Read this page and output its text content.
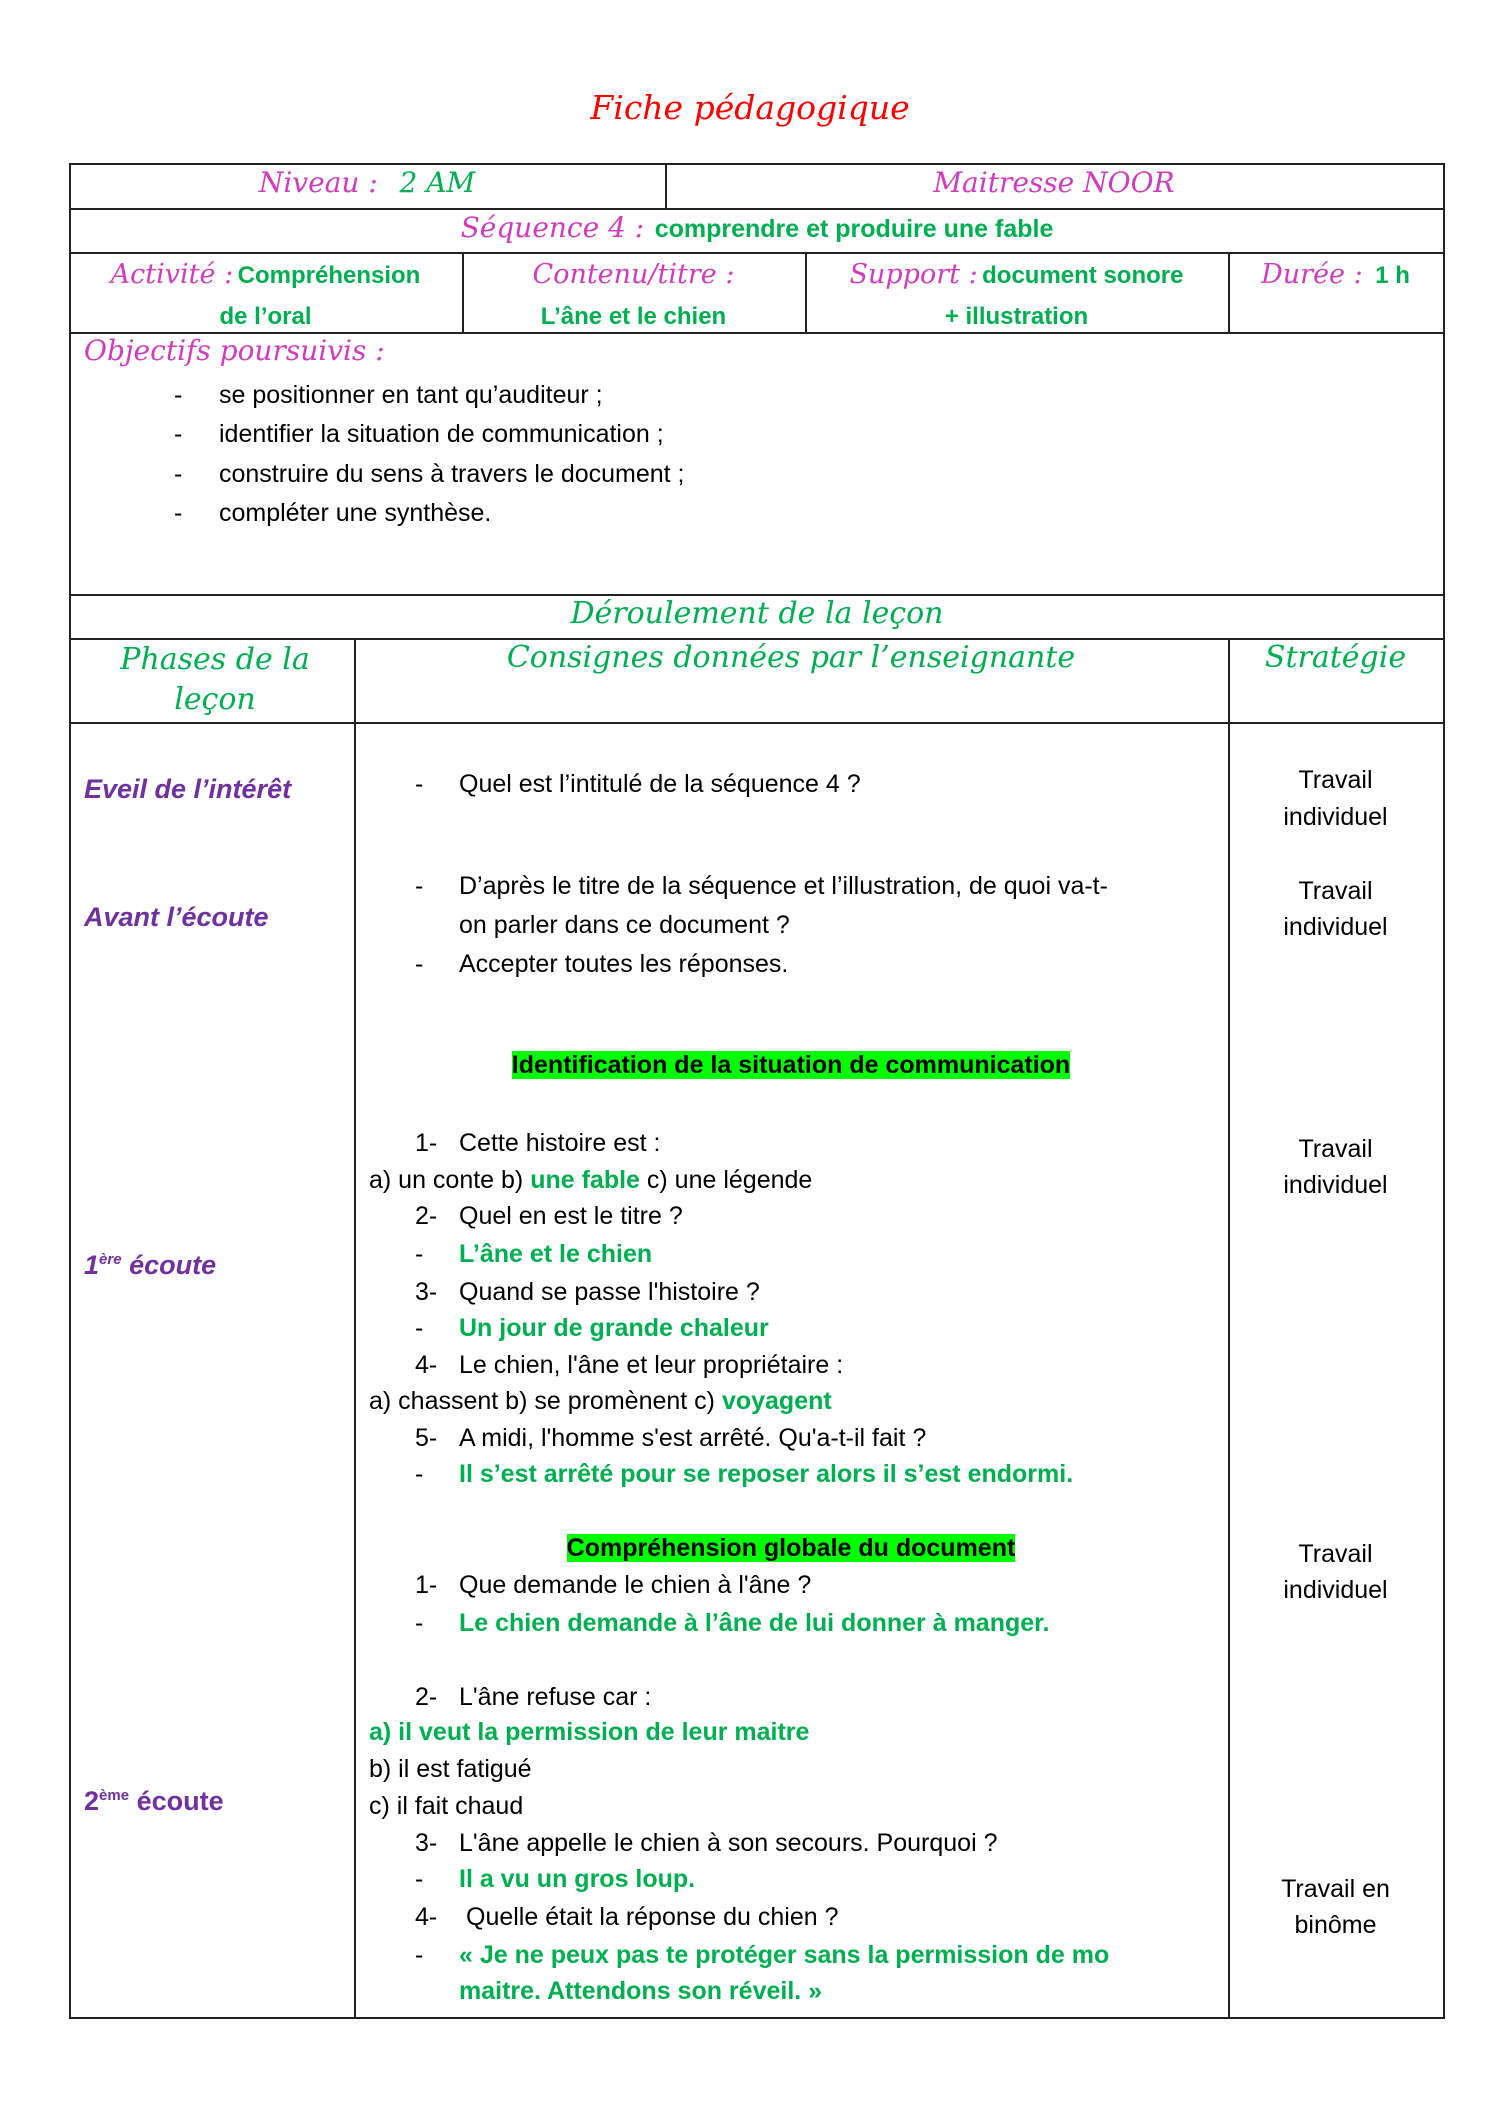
Fiche pédagogique
Niveau : 2 AM	Maitresse NOOR
Séquence 4 : comprendre et produire une fable
Activité : Compréhension
de l’oral
Contenu/titre :
L’âne et le chien
Support : document sonore
+ illustration
Durée : 1 h
Objectifs poursuivis :
- se positionner en tant qu’auditeur ;
- identifier la situation de communication ;
- construire du sens à travers le document ;
- compléter une synthèse.
Déroulement de la leçon
Phases de la leçon
Consignes données par l’enseignante	Stratégie
Eveil de l’intérêt
Avant l’écoute
1ère écoute
2ème écoute
- Quel est l’intitulé de la séquence 4 ?
- D’après le titre de la séquence et l’illustration, de quoi va-t-
on parler dans ce document ?
- Accepter toutes les réponses.
Identification de la situation de communication
1- Cette histoire est :
a) un conte b) une fable c) une légende
2- Quel en est le titre ?
- L’âne et le chien
3- Quand se passe l'histoire ?
- Un jour de grande chaleur
4- Le chien, l'âne et leur propriétaire :
a) chassent b) se promènent c) voyagent
5- A midi, l'homme s'est arrêté. Qu'a-t-il fait ?
- Il s’est arrêté pour se reposer alors il s’est endormi.
Compréhension globale du document
1- Que demande le chien à l'âne ?
- Le chien demande à l’âne de lui donner à manger.
2- L'âne refuse car :
a) il veut la permission de leur maitre
b) il est fatigué
c) il fait chaud
3- L'âne appelle le chien à son secours. Pourquoi ?
- Il a vu un gros loup.
4- Quelle était la réponse du chien ?
- « Je ne peux pas te protéger sans la permission de mo
maitre. Attendons son réveil. »
Travail
individuel
Travail
individuel
Travail
individuel
Travail
individuel
Travail en
binôme
